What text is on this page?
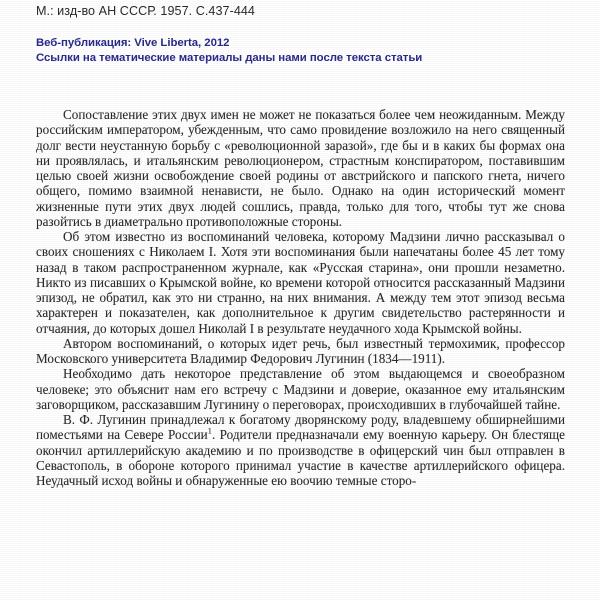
М.: изд-во АН СССР. 1957. С.437-444
Веб-публикация: Vive Liberta, 2012
Ссылки на тематические материалы даны нами после текста статьи

Сопоставление этих двух имен не может не показаться более чем неожиданным. Между российским императором, убежденным, что само провидение возложило на него священный долг вести неустанную борьбу с «революционной заразой», где бы и в каких бы формах она ни проявлялась, и итальянским революционером, страстным конспиратором, поставившим целью своей жизни освобождение своей родины от австрийского и папского гнета, ничего общего, помимо взаимной ненависти, не было. Однако на один исторический момент жизненные пути этих двух людей сошлись, правда, только для того, чтобы тут же снова разойтись в диаметрально противоположные стороны.

Об этом известно из воспоминаний человека, которому Мадзини лично рассказывал о своих сношениях с Николаем I. Хотя эти воспоминания были напечатаны более 45 лет тому назад в таком распространенном журнале, как «Русская старина», они прошли незаметно. Никто из писавших о Крымской войне, ко времени которой относится рассказанный Мадзини эпизод, не обратил, как это ни странно, на них внимания. А между тем этот эпизод весьма характерен и показателен, как дополнительное к другим свидетельство растерянности и отчаяния, до которых дошел Николай I в результате неудачного хода Крымской войны.

Автором воспоминаний, о которых идет речь, был известный термохимик, профессор Московского университета Владимир Федорович Лугинин (1834—1911).

Необходимо дать некоторое представление об этом выдающемся и своеобразном человеке; это объяснит нам его встречу с Мадзини и доверие, оказанное ему итальянским заговорщиком, рассказавшим Лугинину о переговорах, происходивших в глубочайшей тайне.

В. Ф. Лугинин принадлежал к богатому дворянскому роду, владевшему обширнейшими поместьями на Севере России$^1$. Родители предназначали ему военную карьеру. Он блестяще окончил артиллерийскую академию и по производстве в офицерский чин был отправлен в Севастополь, в обороне которого принимал участие в качестве артиллерийского офицера. Неудачный исход войны и обнаруженные ею воочию темные сторо-
